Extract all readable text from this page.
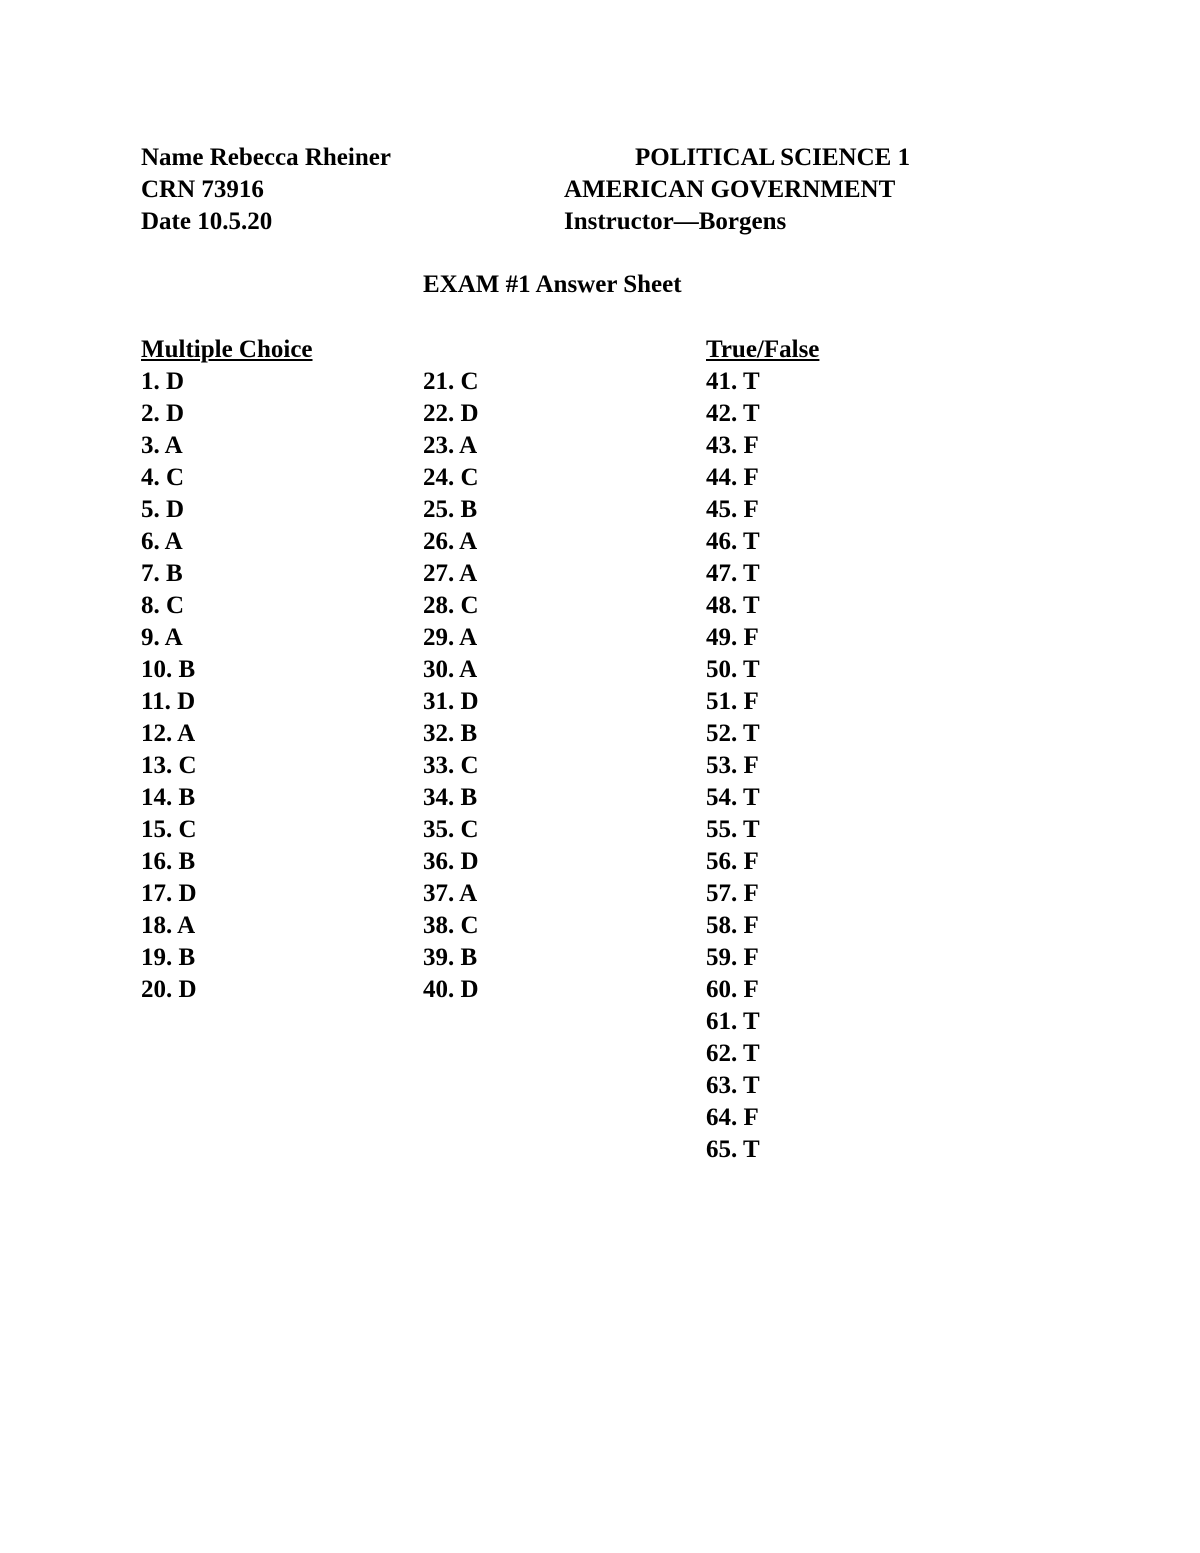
Name Rebecca Rheiner
CRN 73916
Date 10.5.20
POLITICAL SCIENCE 1
AMERICAN GOVERNMENT
Instructor—Borgens
EXAM #1 Answer Sheet
Multiple Choice
1. D
2. D
3. A
4. C
5. D
6. A
7. B
8. C
9. A
10. B
11. D
12. A
13. C
14. B
15. C
16. B
17. D
18. A
19. B
20. D
21. C
22. D
23. A
24. C
25. B
26. A
27. A
28. C
29. A
30. A
31. D
32. B
33. C
34. B
35. C
36. D
37. A
38. C
39. B
40. D
True/False
41. T
42. T
43. F
44. F
45. F
46. T
47. T
48. T
49. F
50. T
51. F
52. T
53. F
54. T
55. T
56. F
57. F
58. F
59. F
60. F
61. T
62. T
63. T
64. F
65. T
